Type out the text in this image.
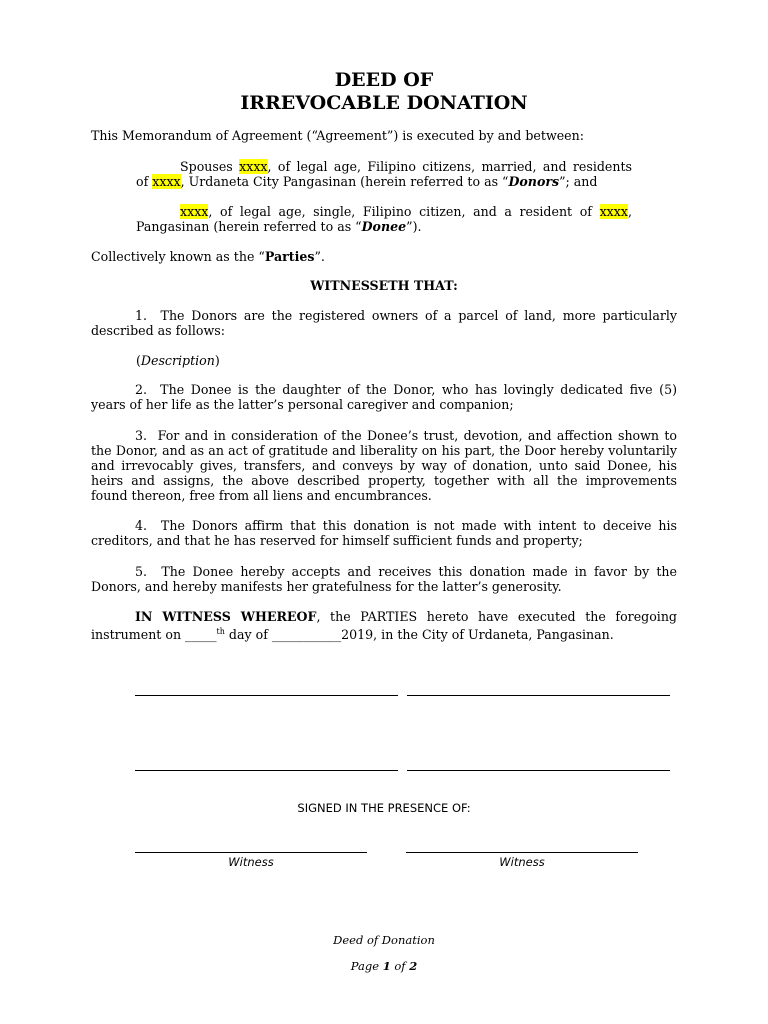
DEED OF
IRREVOCABLE DONATION

This Memorandum of Agreement (“Agreement”) is executed by and between:

Spouses xxxx, of legal age, Filipino citizens, married, and residents

of xxxx, Urdaneta City Pangasinan (herein referred to as “Donors”; and

xxxx, of legal age, single, Filipino citizen, and a resident of xxxx,

Pangasinan (herein referred to as “Donee”).

Collectively known as the “Parties”.

WITNESSETH THAT:

1.  The Donors are the registered owners of a parcel of land, more particularly

described as follows:

(Description)

2.  The Donee is the daughter of the Donor, who has lovingly dedicated five (5)

years of her life as the latter’s personal caregiver and companion;

3.  For and in consideration of the Donee’s trust, devotion, and affection shown to

the Donor, and as an act of gratitude and liberality on his part, the Door hereby voluntarily

and irrevocably gives, transfers, and conveys by way of donation, unto said Donee, his

heirs and assigns, the above described property, together with all the improvements

found thereon, free from all liens and encumbrances.

4.  The Donors affirm that this donation is not made with intent to deceive his

creditors, and that he has reserved for himself sufficient funds and property;

5.  The Donee hereby accepts and receives this donation made in favor by the

Donors, and hereby manifests her gratefulness for the latter’s generosity.

IN WITNESS WHEREOF, the PARTIES hereto have executed the foregoing

instrument on _____$^{th}$ day of ___________2019, in the City of Urdaneta, Pangasinan.

SIGNED IN THE PRESENCE OF:

Witness	Witness

Deed of Donation
Page 1 of 2
